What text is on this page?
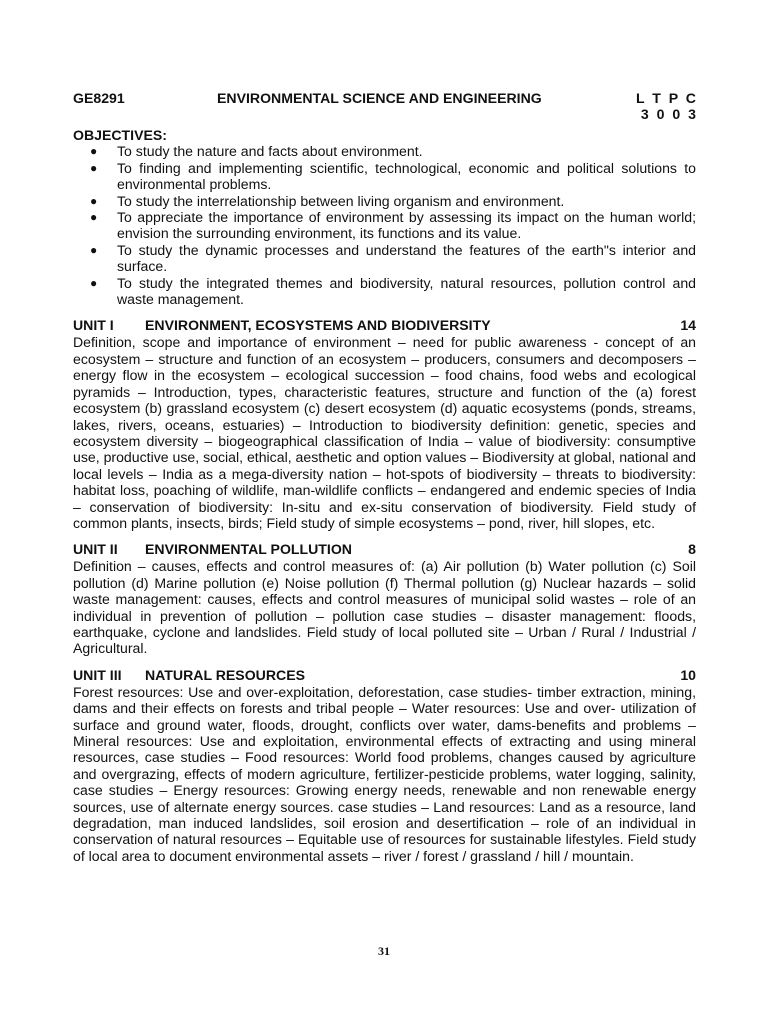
GE8291	ENVIRONMENTAL SCIENCE AND ENGINEERING	L T P C
3 0 0 3
OBJECTIVES:
● To study the nature and facts about environment.
● To finding and implementing scientific, technological, economic and political solutions to environmental problems.
● To study the interrelationship between living organism and environment.
● To appreciate the importance of environment by assessing its impact on the human world; envision the surrounding environment, its functions and its value.
● To study the dynamic processes and understand the features of the earth"s interior and surface.
● To study the integrated themes and biodiversity, natural resources, pollution control and waste management.
UNIT I ENVIRONMENT, ECOSYSTEMS AND BIODIVERSITY	14
Definition, scope and importance of environment – need for public awareness - concept of an ecosystem – structure and function of an ecosystem – producers, consumers and decomposers – energy flow in the ecosystem – ecological succession – food chains, food webs and ecological pyramids – Introduction, types, characteristic features, structure and function of the (a) forest ecosystem (b) grassland ecosystem (c) desert ecosystem (d) aquatic ecosystems (ponds, streams, lakes, rivers, oceans, estuaries) – Introduction to biodiversity definition: genetic, species and ecosystem diversity – biogeographical classification of India – value of biodiversity: consumptive use, productive use, social, ethical, aesthetic and option values – Biodiversity at global, national and local levels – India as a mega-diversity nation – hot-spots of biodiversity – threats to biodiversity: habitat loss, poaching of wildlife, man-wildlife conflicts – endangered and endemic species of India – conservation of biodiversity: In-situ and ex-situ conservation of biodiversity. Field study of common plants, insects, birds; Field study of simple ecosystems – pond, river, hill slopes, etc.
UNIT II ENVIRONMENTAL POLLUTION	8
Definition – causes, effects and control measures of: (a) Air pollution (b) Water pollution (c) Soil pollution (d) Marine pollution (e) Noise pollution (f) Thermal pollution (g) Nuclear hazards – solid waste management: causes, effects and control measures of municipal solid wastes – role of an individual in prevention of pollution – pollution case studies – disaster management: floods, earthquake, cyclone and landslides. Field study of local polluted site – Urban / Rural / Industrial / Agricultural.
UNIT III NATURAL RESOURCES	10
Forest resources: Use and over-exploitation, deforestation, case studies- timber extraction, mining, dams and their effects on forests and tribal people – Water resources: Use and over- utilization of surface and ground water, floods, drought, conflicts over water, dams-benefits and problems – Mineral resources: Use and exploitation, environmental effects of extracting and using mineral resources, case studies – Food resources: World food problems, changes caused by agriculture and overgrazing, effects of modern agriculture, fertilizer-pesticide problems, water logging, salinity, case studies – Energy resources: Growing energy needs, renewable and non renewable energy sources, use of alternate energy sources. case studies – Land resources: Land as a resource, land degradation, man induced landslides, soil erosion and desertification – role of an individual in conservation of natural resources – Equitable use of resources for sustainable lifestyles. Field study of local area to document environmental assets – river / forest / grassland / hill / mountain.
31
